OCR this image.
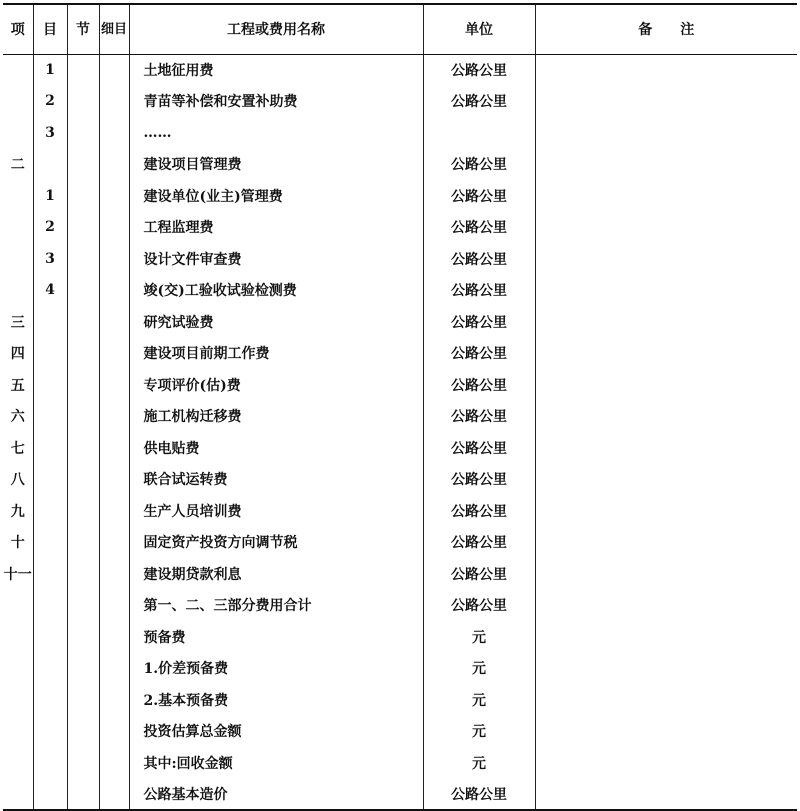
项	目	节	细目	工程或费用名称	单位	备注
	1			土地征用费	公路公里	
	2			青苗等补偿和安置补助费	公路公里	
	3			……		
二				建设项目管理费	公路公里	
	1			建设单位(业主)管理费	公路公里	
	2			工程监理费	公路公里	
	3			设计文件审查费	公路公里	
	4			竣(交)工验收试验检测费	公路公里	
三				研究试验费	公路公里	
四				建设项目前期工作费	公路公里	
五				专项评价(估)费	公路公里	
六				施工机构迁移费	公路公里	
七				供电贴费	公路公里	
八				联合试运转费	公路公里	
九				生产人员培训费	公路公里	
十				固定资产投资方向调节税	公路公里	
十一				建设期贷款利息	公路公里	
				第一、二、三部分费用合计	公路公里	
				预备费	元	
				1.价差预备费	元	
				2.基本预备费	元	
				投资估算总金额	元	
				其中:回收金额	元	
				公路基本造价	公路公里	
